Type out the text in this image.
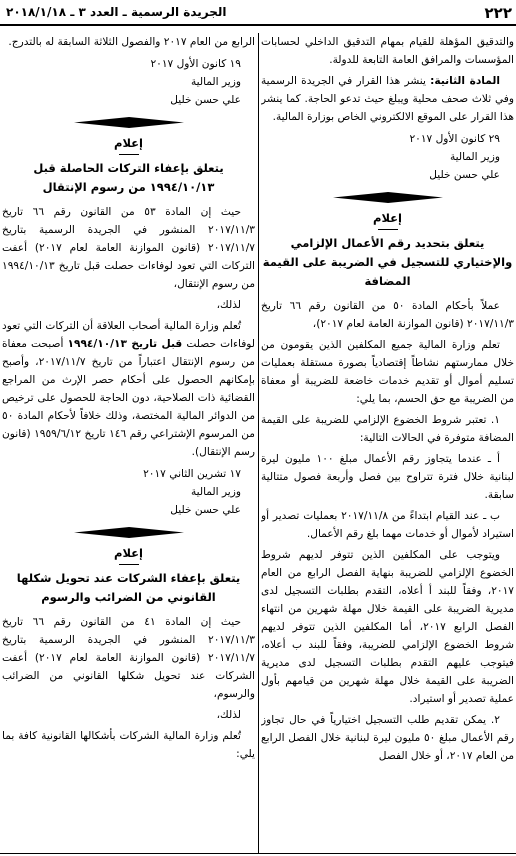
٢٢٢
الجريدة الرسمية ـ العدد ٣ ـ ٢٠١٨/١/١٨

والتدقيق المؤهلة للقيام بمهام التدقيق الداخلي لحسابات المؤسسات والمرافق العامة التابعة للدولة.

المادة الثانية: ينشر هذا القرار في الجريدة الرسمية وفي ثلاث صحف محلية ويبلغ حيث تدعو الحاجة. كما ينشر هذا القرار على الموقع الالكتروني الخاص بوزارة المالية.

٢٩ كانون الأول ٢٠١٧

وزير المالية

علي حسن خليل

إعلام

يتعلق بتحديد رقم الأعمال الإلزامي والإختياري للتسجيل في الضريبة على القيمة المضافة

عملاً بأحكام المادة ٥٠ من القانون رقم ٦٦ تاريخ ٢٠١٧/١١/٣ (قانون الموازنة العامة لعام ٢٠١٧)،

تعلم وزارة المالية جميع المكلفين الذين يقومون من خلال ممارستهم نشاطاً إقتصادياً بصورة مستقلة بعمليات تسليم أموال أو تقديم خدمات خاضعة للضريبة أو معفاة من الضريبة مع حق الحسم، بما يلي:

١. تعتبر شروط الخضوع الإلزامي للضريبة على القيمة المضافة متوفرة في الحالات التالية:

أ ـ عندما يتجاوز رقم الأعمال مبلغ ١٠٠ مليون ليرة لبنانية خلال فترة تتراوح بين فصل وأربعة فصول متتالية سابقة.

ب ـ عند القيام ابتداءً من ٢٠١٧/١١/٨ بعمليات تصدير أو استيراد لأموال أو خدمات مهما بلغ رقم الأعمال.

ويتوجب على المكلفين الذين تتوفر لديهم شروط الخضوع الإلزامي للضريبة بنهاية الفصل الرابع من العام ٢٠١٧، وفقاً للبند أ أعلاه، التقدم بطلبات التسجيل لدى مديرية الضريبة على القيمة خلال مهلة شهرين من انتهاء الفصل الرابع ٢٠١٧، أما المكلفين الذين تتوفر لديهم شروط الخضوع الإلزامي للضريبة، وفقاً للبند ب أعلاه، فيتوجب عليهم التقدم بطلبات التسجيل لدى مديرية الضريبة على القيمة خلال مهلة شهرين من قيامهم بأول عملية تصدير أو استيراد.

٢. يمكن تقديم طلب التسجيل اختيارياً في حال تجاوز رقم الأعمال مبلغ ٥٠ مليون ليرة لبنانية خلال الفصل الرابع من العام ٢٠١٧، أو خلال الفصل

الرابع من العام ٢٠١٧ والفصول الثلاثة السابقة له بالتدرج.

١٩ كانون الأول ٢٠١٧

وزير المالية

علي حسن خليل

إعلام

يتعلق بإعفاء التركات الحاصلة قبل ١٩٩٤/١٠/١٣ من رسوم الإنتقال

حيث إن المادة ٥٣ من القانون رقم ٦٦ تاريخ ٢٠١٧/١١/٣ المنشور في الجريدة الرسمية بتاريخ ٢٠١٧/١١/٧ (قانون الموازنة العامة لعام ٢٠١٧) أعفت التركات التي تعود لوفاءات حصلت قبل تاريخ ١٩٩٤/١٠/١٣ من رسوم الإنتقال،

لذلك،

تُعلم وزارة المالية أصحاب العلاقة أن التركات التي تعود لوفاءات حصلت قبل تاريخ ١٩٩٤/١٠/١٣ أصبحت معفاة من رسوم الإنتقال اعتباراً من تاريخ ٢٠١٧/١١/٧، وأصبح بإمكانهم الحصول على أحكام حصر الإرث من المراجع القضائية ذات الصلاحية، دون الحاجة للحصول على ترخيص من الدوائر المالية المختصة، وذلك خلافاً لأحكام المادة ٥٠ من المرسوم الإشتراعي رقم ١٤٦ تاريخ ١٩٥٩/٦/١٢ (قانون رسم الإنتقال).

١٧ تشرين الثاني ٢٠١٧

وزير المالية

علي حسن خليل

إعلام

يتعلق بإعفاء الشركات عند تحويل شكلها القانوني من الضرائب والرسوم

حيث إن المادة ٤١ من القانون رقم ٦٦ تاريخ ٢٠١٧/١١/٣ المنشور في الجريدة الرسمية بتاريخ ٢٠١٧/١١/٧ (قانون الموازنة العامة لعام ٢٠١٧) أعفت الشركات عند تحويل شكلها القانوني من الضرائب والرسوم،

لذلك،

تُعلم وزارة المالية الشركات بأشكالها القانونية كافة بما يلي:
